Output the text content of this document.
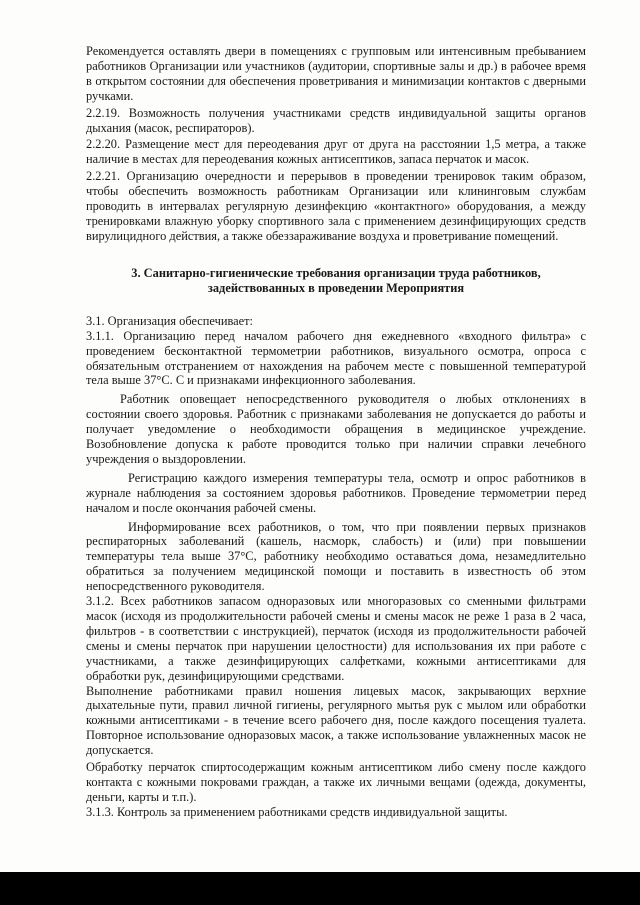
Рекомендуется оставлять двери в помещениях с групповым или интенсивным пребыванием работников Организации или участников (аудитории, спортивные залы и др.) в рабочее время в открытом состоянии для обеспечения проветривания и минимизации контактов с дверными ручками.

2.2.19. Возможность получения участниками средств индивидуальной защиты органов дыхания (масок, респираторов).

2.2.20. Размещение мест для переодевания друг от друга на расстоянии 1,5 метра, а также наличие в местах для переодевания кожных антисептиков, запаса перчаток и масок.

2.2.21. Организацию очередности и перерывов в проведении тренировок таким образом, чтобы обеспечить возможность работникам Организации или клининговым службам проводить в интервалах регулярную дезинфекцию «контактного» оборудования, а между тренировками влажную уборку спортивного зала с применением дезинфицирующих средств вирулицидного действия, а также обеззараживание воздуха и проветривание помещений.

3. Санитарно-гигиенические требования организации труда работников, задействованных в проведении Мероприятия

3.1. Организация обеспечивает:

3.1.1. Организацию перед началом рабочего дня ежедневного «входного фильтра» с проведением бесконтактной термометрии работников, визуального осмотра, опроса с обязательным отстранением от нахождения на рабочем месте с повышенной температурой тела выше 37°С. С и признаками инфекционного заболевания.

Работник оповещает непосредственного руководителя о любых отклонениях в состоянии своего здоровья. Работник с признаками заболевания не допускается до работы и получает уведомление о необходимости обращения в медицинское учреждение. Возобновление допуска к работе проводится только при наличии справки лечебного учреждения о выздоровлении.

Регистрацию каждого измерения температуры тела, осмотр и опрос работников в журнале наблюдения за состоянием здоровья работников. Проведение термометрии перед началом и после окончания рабочей смены.

Информирование всех работников, о том, что при появлении первых признаков респираторных заболеваний (кашель, насморк, слабость) и (или) при повышении температуры тела выше 37°С, работнику необходимо оставаться дома, незамедлительно обратиться за получением медицинской помощи и поставить в известность об этом непосредственного руководителя.

3.1.2. Всех работников запасом одноразовых или многоразовых со сменными фильтрами масок (исходя из продолжительности рабочей смены и смены масок не реже 1 раза в 2 часа, фильтров - в соответствии с инструкцией), перчаток (исходя из продолжительности рабочей смены и смены перчаток при нарушении целостности) для использования их при работе с участниками, а также дезинфицирующих салфетками, кожными антисептиками для обработки рук, дезинфицирующими средствами.

Выполнение работниками правил ношения лицевых масок, закрывающих верхние дыхательные пути, правил личной гигиены, регулярного мытья рук с мылом или обработки кожными антисептиками - в течение всего рабочего дня, после каждого посещения туалета. Повторное использование одноразовых масок, а также использование увлажненных масок не допускается.

Обработку перчаток спиртосодержащим кожным антисептиком либо смену после каждого контакта с кожными покровами граждан, а также их личными вещами (одежда, документы, деньги, карты и т.п.).

3.1.3. Контроль за применением работниками средств индивидуальной защиты.
